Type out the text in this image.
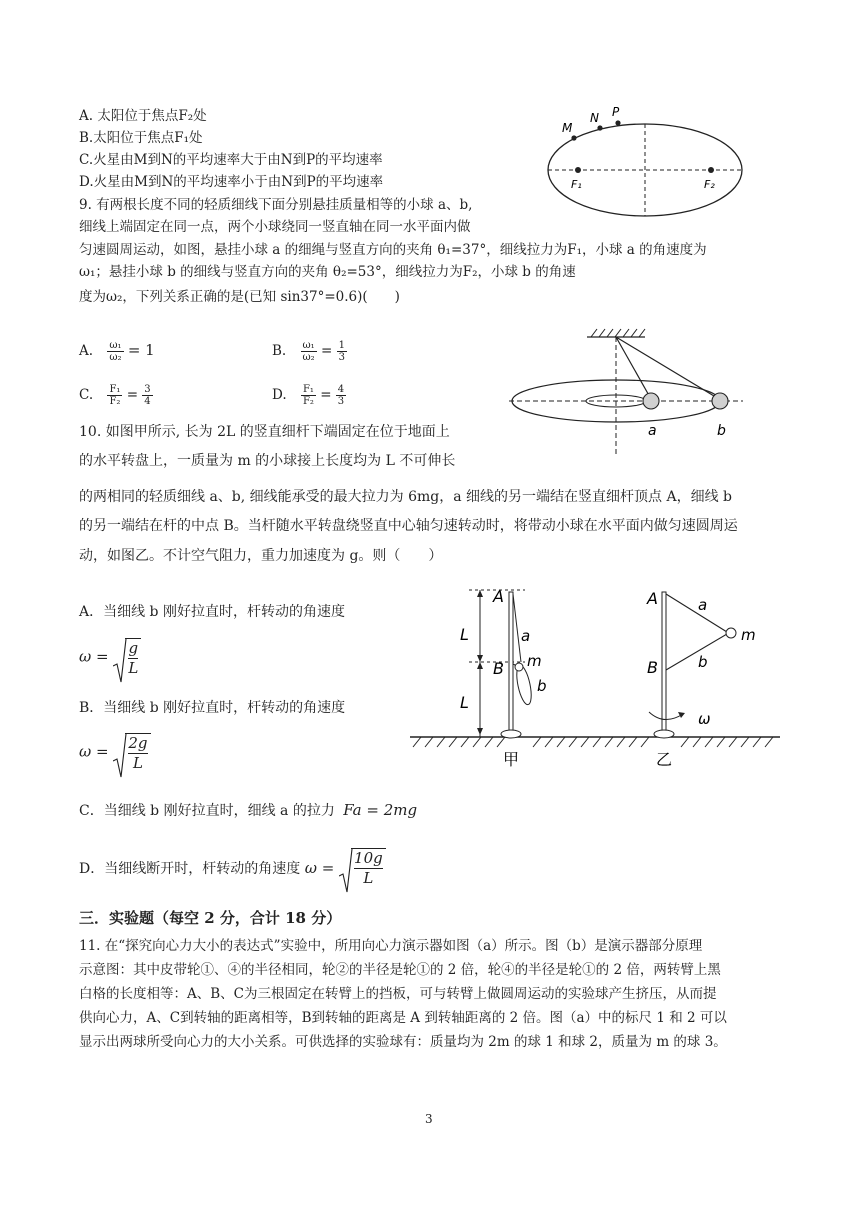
A. 太阳位于焦点F₂处
B.太阳位于焦点F₁处
C.火星由M到N的平均速率大于由N到P的平均速率
D.火星由M到N的平均速率小于由N到P的平均速率
M
N P
F₁	F₂
9. 有两根长度不同的轻质细线下面分别悬挂质量相等的小球 a、b,
细线上端固定在同一点，两个小球绕同一竖直轴在同一水平面内做
匀速圆周运动，如图，悬挂小球 a 的细绳与竖直方向的夹角 θ₁=37°，细线拉力为F₁，小球 a 的角速度为
ω₁；悬挂小球 b 的细线与竖直方向的夹角 θ₂=53°，细线拉力为F₂，小球 b 的角速
度为ω₂，下列关系正确的是(已知 sin37°=0.6)(　　)
A. $\frac{\text{ω₁}}{\text{ω₂}} = 1$	B. $\frac{\text{ω₁}}{\text{ω₂}} = \frac{1}{3}$
C. $\frac{\text{F₁}}{\text{F₂}} = \frac{3}{4}$	D. $\frac{\text{F₁}}{\text{F₂}} = \frac{4}{3}$
a	b
10. 如图甲所示, 长为 2L 的竖直细杆下端固定在位于地面上
的水平转盘上，一质量为 m 的小球接上长度均为 L 不可伸长
的两相同的轻质细线 a、b, 细线能承受的最大拉力为 6mg，a 细线的另一端结在竖直细杆顶点 A，细线 b
的另一端结在杆的中点 B。当杆随水平转盘绕竖直中心轴匀速转动时，将带动小球在水平面内做匀速圆周运
动，如图乙。不计空气阻力，重力加速度为 g。则（　　）
A．当细线 b 刚好拉直时，杆转动的角速度
$\omega = \frac{g}{L}$
B．当细线 b 刚好拉直时，杆转动的角速度
$\omega = \frac{2g}{L}$
C．当细线 b 刚好拉直时，细线 a 的拉力 Fa = 2mg
D．当细线断开时，杆转动的角速度 $\omega = \frac{10g}{L}$
L
L
A
B
a
m
b
甲
A
B
a
m
b
ω
乙
三．实验题（每空 2 分，合计 18 分）
11. 在“探究向心力大小的表达式”实验中，所用向心力演示器如图（a）所示。图（b）是演示器部分原理
示意图：其中皮带轮①、④的半径相同，轮②的半径是轮①的 2 倍，轮④的半径是轮①的 2 倍，两转臂上黑
白格的长度相等：A、B、C为三根固定在转臂上的挡板，可与转臂上做圆周运动的实验球产生挤压，从而提
供向心力，A、C到转轴的距离相等，B到转轴的距离是 A 到转轴距离的 2 倍。图（a）中的标尺 1 和 2 可以
显示出两球所受向心力的大小关系。可供选择的实验球有：质量均为 2m 的球 1 和球 2，质量为 m 的球 3。
3
